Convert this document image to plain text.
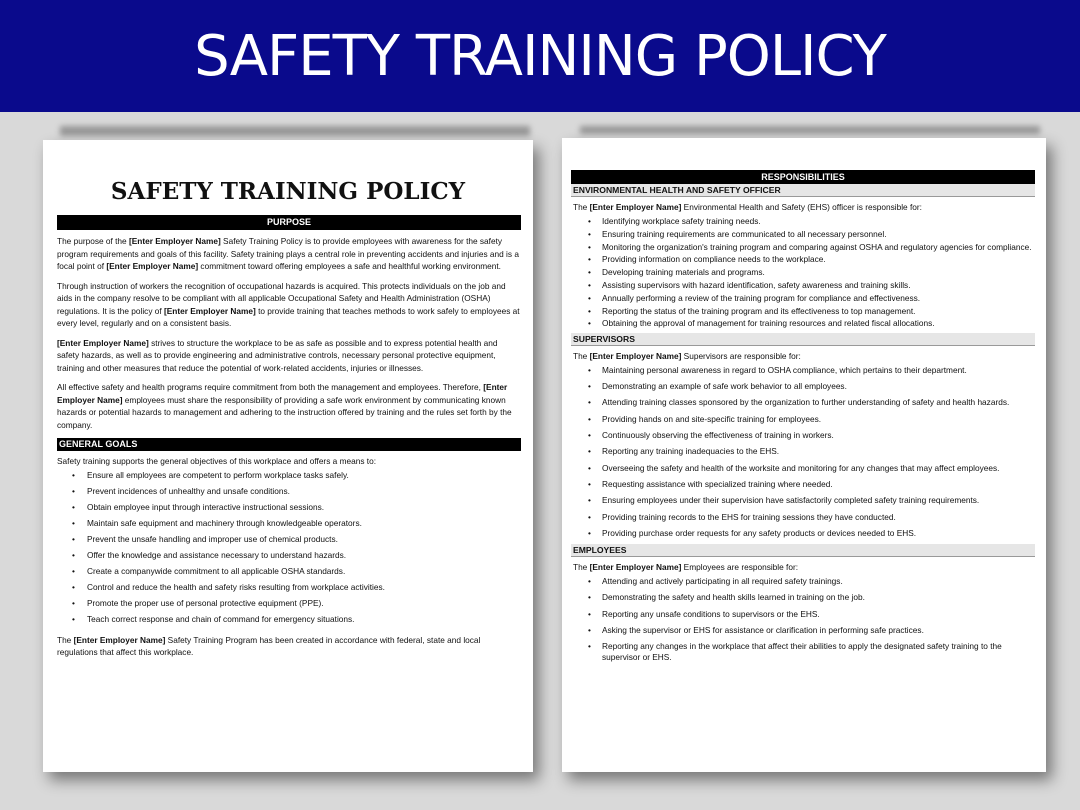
SAFETY TRAINING POLICY
SAFETY TRAINING POLICY
PURPOSE
The purpose of the [Enter Employer Name] Safety Training Policy is to provide employees with awareness for the safety program requirements and goals of this facility. Safety training plays a central role in preventing accidents and injuries and is a focal point of [Enter Employer Name] commitment toward offering employees a safe and healthful working environment.
Through instruction of workers the recognition of occupational hazards is acquired. This protects individuals on the job and aids in the company resolve to be compliant with all applicable Occupational Safety and Health Administration (OSHA) regulations. It is the policy of [Enter Employer Name] to provide training that teaches methods to work safely to employees at every level, regularly and on a consistent basis.
[Enter Employer Name] strives to structure the workplace to be as safe as possible and to express potential health and safety hazards, as well as to provide engineering and administrative controls, necessary personal protective equipment, training and other measures that reduce the potential of work-related accidents, injuries or illnesses.
All effective safety and health programs require commitment from both the management and employees. Therefore, [Enter Employer Name] employees must share the responsibility of providing a safe work environment by communicating known hazards or potential hazards to management and adhering to the instruction offered by training and the rules set forth by the company.
GENERAL GOALS
Safety training supports the general objectives of this workplace and offers a means to:
• Ensure all employees are competent to perform workplace tasks safely.
• Prevent incidences of unhealthy and unsafe conditions.
• Obtain employee input through interactive instructional sessions.
• Maintain safe equipment and machinery through knowledgeable operators.
• Prevent the unsafe handling and improper use of chemical products.
• Offer the knowledge and assistance necessary to understand hazards.
• Create a companywide commitment to all applicable OSHA standards.
• Control and reduce the health and safety risks resulting from workplace activities.
• Promote the proper use of personal protective equipment (PPE).
• Teach correct response and chain of command for emergency situations.
The [Enter Employer Name] Safety Training Program has been created in accordance with federal, state and local regulations that affect this workplace.
RESPONSIBILITIES
ENVIRONMENTAL HEALTH AND SAFETY OFFICER
The [Enter Employer Name] Environmental Health and Safety (EHS) officer is responsible for:
• Identifying workplace safety training needs.
• Ensuring training requirements are communicated to all necessary personnel.
• Monitoring the organization's training program and comparing against OSHA and regulatory agencies for compliance.
• Providing information on compliance needs to the workplace.
• Developing training materials and programs.
• Assisting supervisors with hazard identification, safety awareness and training skills.
• Annually performing a review of the training program for compliance and effectiveness.
• Reporting the status of the training program and its effectiveness to top management.
• Obtaining the approval of management for training resources and related fiscal allocations.
SUPERVISORS
The [Enter Employer Name] Supervisors are responsible for:
• Maintaining personal awareness in regard to OSHA compliance, which pertains to their department.
• Demonstrating an example of safe work behavior to all employees.
• Attending training classes sponsored by the organization to further understanding of safety and health hazards.
• Providing hands on and site-specific training for employees.
• Continuously observing the effectiveness of training in workers.
• Reporting any training inadequacies to the EHS.
• Overseeing the safety and health of the worksite and monitoring for any changes that may affect employees.
• Requesting assistance with specialized training where needed.
• Ensuring employees under their supervision have satisfactorily completed safety training requirements.
• Providing training records to the EHS for training sessions they have conducted.
• Providing purchase order requests for any safety products or devices needed to EHS.
EMPLOYEES
The [Enter Employer Name] Employees are responsible for:
• Attending and actively participating in all required safety trainings.
• Demonstrating the safety and health skills learned in training on the job.
• Reporting any unsafe conditions to supervisors or the EHS.
• Asking the supervisor or EHS for assistance or clarification in performing safe practices.
• Reporting any changes in the workplace that affect their abilities to apply the designated safety training to the supervisor or EHS.
